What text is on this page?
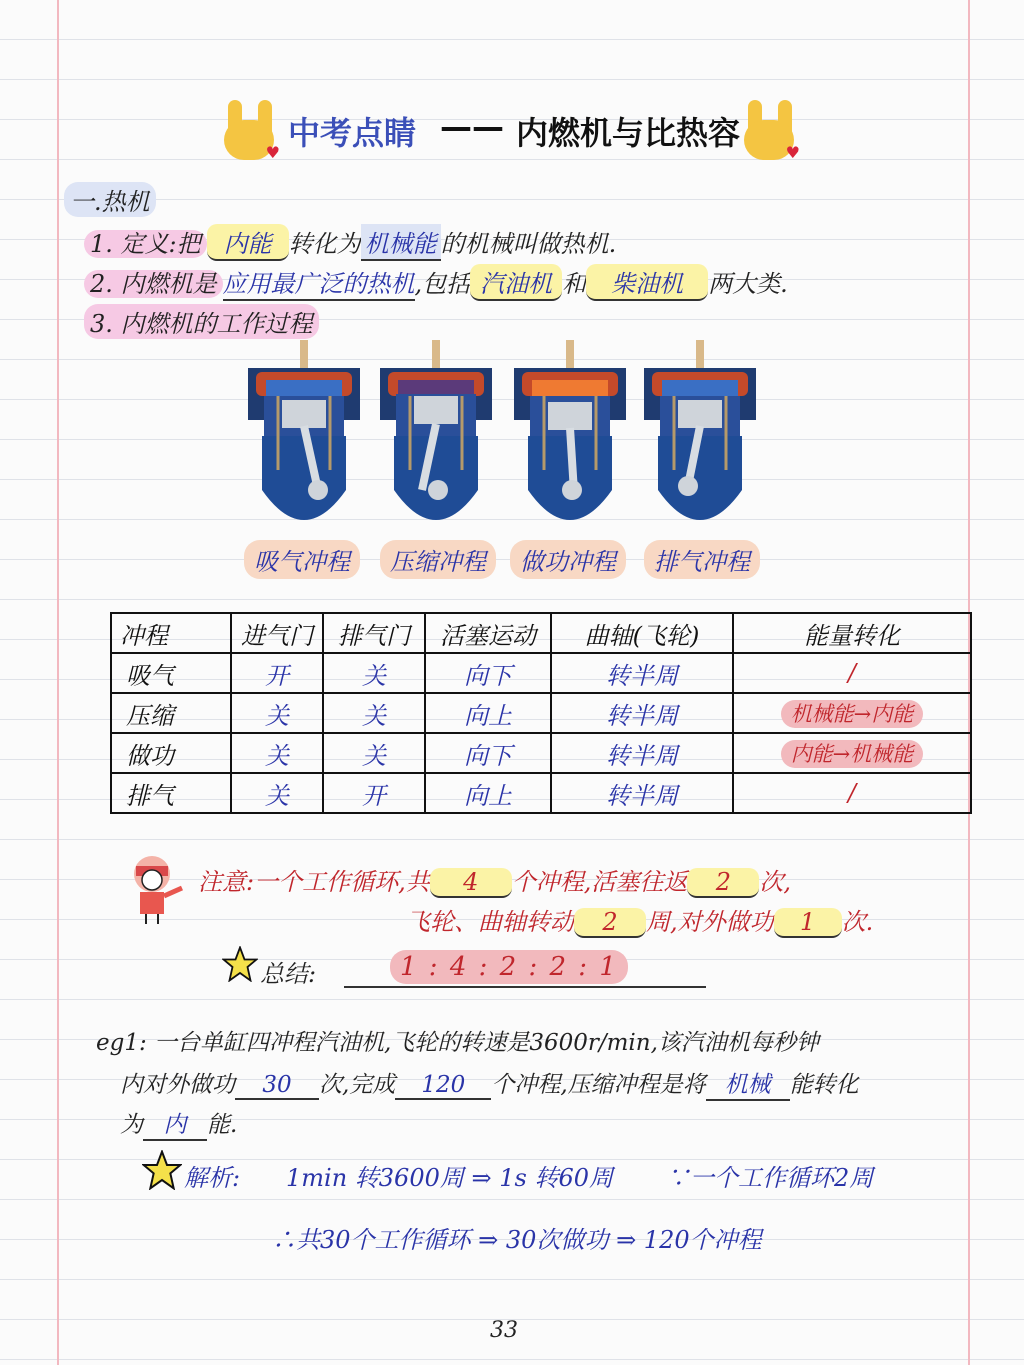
♥
中考点睛 —— 内燃机与比热容
♥
一.热机
1. 定义:把 内能 转化为 机械能 的机械叫做热机.
2. 内燃机是 应用最广泛的热机,包括 汽油机 和 柴油机 两大类.
3. 内燃机的工作过程
吸气冲程	压缩冲程	做功冲程	排气冲程
冲程	进气门	排气门	活塞运动	曲轴(飞轮)	能量转化
吸气	开	关	向下	转半周	/
压缩	关	关	向上	转半周	机械能→内能
做功	关	关	向下	转半周	内能→机械能
排气	关	开	向上	转半周	/
注意:一个工作循环,共 4 个冲程,活塞往返 2 次,
飞轮、曲轴转动 2 周,对外做功 1 次.
总结:	1 : 4 : 2 : 2 : 1
eg1: 一台单缸四冲程汽油机,飞轮的转速是3600r/min,该汽油机每秒钟
内对外做功 30 次,完成 120 个冲程,压缩冲程是将 机械 能转化
为 内 能.
解析: 1min 转3600周 ⇒ 1s 转60周 ∵一个工作循环2周
∴共30个工作循环 ⇒ 30次做功 ⇒ 120个冲程
33
